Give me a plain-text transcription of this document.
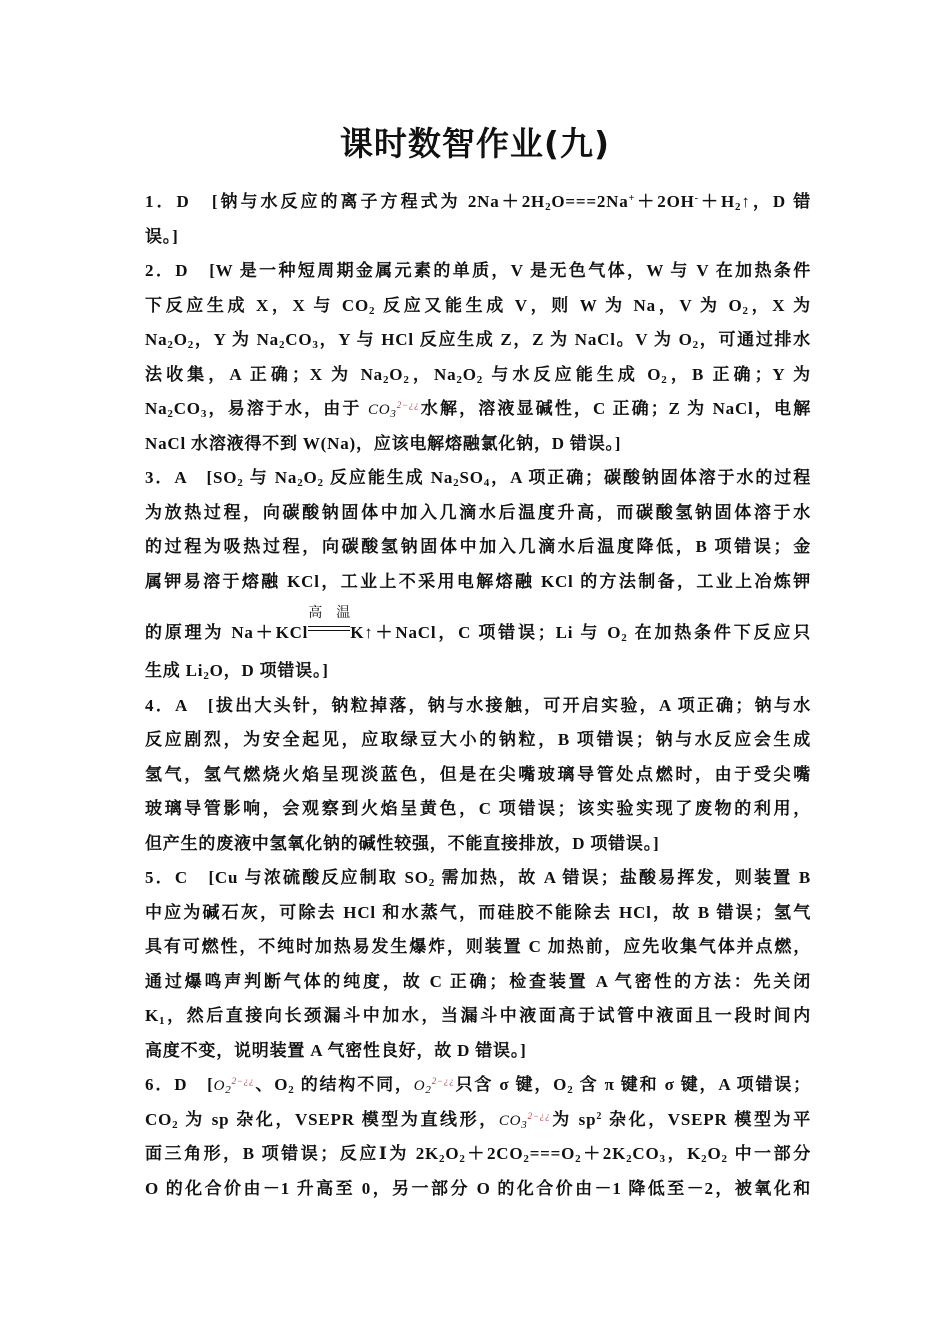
课时数智作业(九)

1．D　[钠与水反应的离子方程式为 $2Na+2H_2O===2Na^++2OH^-+H_2↑$，D 错

误。]

2．D　[W 是一种短周期金属元素的单质，V 是无色气体，W 与 V 在加热条件

下反应生成 X，X 与 $CO_2$ 反应又能生成 V，则 W 为 Na，V 为 $O_2$，X 为

$Na_2O_2$，Y 为 $Na_2CO_3$，Y 与 HCl 反应生成 Z，Z 为 NaCl。V 为 $O_2$，可通过排水

法收集，A 正确；X 为 $Na_2O_2$，$Na_2O_2$ 与水反应能生成 $O_2$，B 正确；Y 为

$Na_2CO_3$，易溶于水，由于 $CO_3^{2-¿¿}$水解，溶液显碱性，C 正确；Z 为 NaCl，电解

NaCl 水溶液得不到 W(Na)，应该电解熔融氯化钠，D 错误。]

3．A　[$SO_2$ 与 $Na_2O_2$ 反应能生成 $Na_2SO_4$，A 项正确；碳酸钠固体溶于水的过程

为放热过程，向碳酸钠固体中加入几滴水后温度升高，而碳酸氢钠固体溶于水

的过程为吸热过程，向碳酸氢钠固体中加入几滴水后温度降低，B 项错误；金

属钾易溶于熔融 KCl，工业上不采用电解熔融 KCl 的方法制备，工业上冶炼钾

的原理为 Na＋KCl
高温
K↑＋NaCl，C 项错误；Li 与 $O_2$ 在加热条件下反应只

生成 $Li_2O$，D 项错误。]

4．A　[拔出大头针，钠粒掉落，钠与水接触，可开启实验，A 项正确；钠与水

反应剧烈，为安全起见，应取绿豆大小的钠粒，B 项错误；钠与水反应会生成

氢气，氢气燃烧火焰呈现淡蓝色，但是在尖嘴玻璃导管处点燃时，由于受尖嘴

玻璃导管影响，会观察到火焰呈黄色，C 项错误；该实验实现了废物的利用，

但产生的废液中氢氧化钠的碱性较强，不能直接排放，D 项错误。]

5．C　[Cu 与浓硫酸反应制取 $SO_2$ 需加热，故 A 错误；盐酸易挥发，则装置 B

中应为碱石灰，可除去 HCl 和水蒸气，而硅胶不能除去 HCl，故 B 错误；氢气

具有可燃性，不纯时加热易发生爆炸，则装置 C 加热前，应先收集气体并点燃，

通过爆鸣声判断气体的纯度，故 C 正确；检查装置 A 气密性的方法：先关闭

$K_1$，然后直接向长颈漏斗中加水，当漏斗中液面高于试管中液面且一段时间内

高度不变，说明装置 A 气密性良好，故 D 错误。]

6．D　[$O_2^{2-¿¿}$、$O_2$ 的结构不同，$O_2^{2-¿¿}$只含 σ 键，$O_2$ 含 π 键和 σ 键，A 项错误；

$CO_2$ 为 sp 杂化，VSEPR 模型为直线形，$CO_3^{2-¿¿}$为 $sp^2$ 杂化，VSEPR 模型为平

面三角形，B 项错误；反应Ⅰ为 $2K_2O_2+2CO_2===O_2+2K_2CO_3$，$K_2O_2$ 中一部分

O 的化合价由－1 升高至 0，另一部分 O 的化合价由－1 降低至－2，被氧化和
